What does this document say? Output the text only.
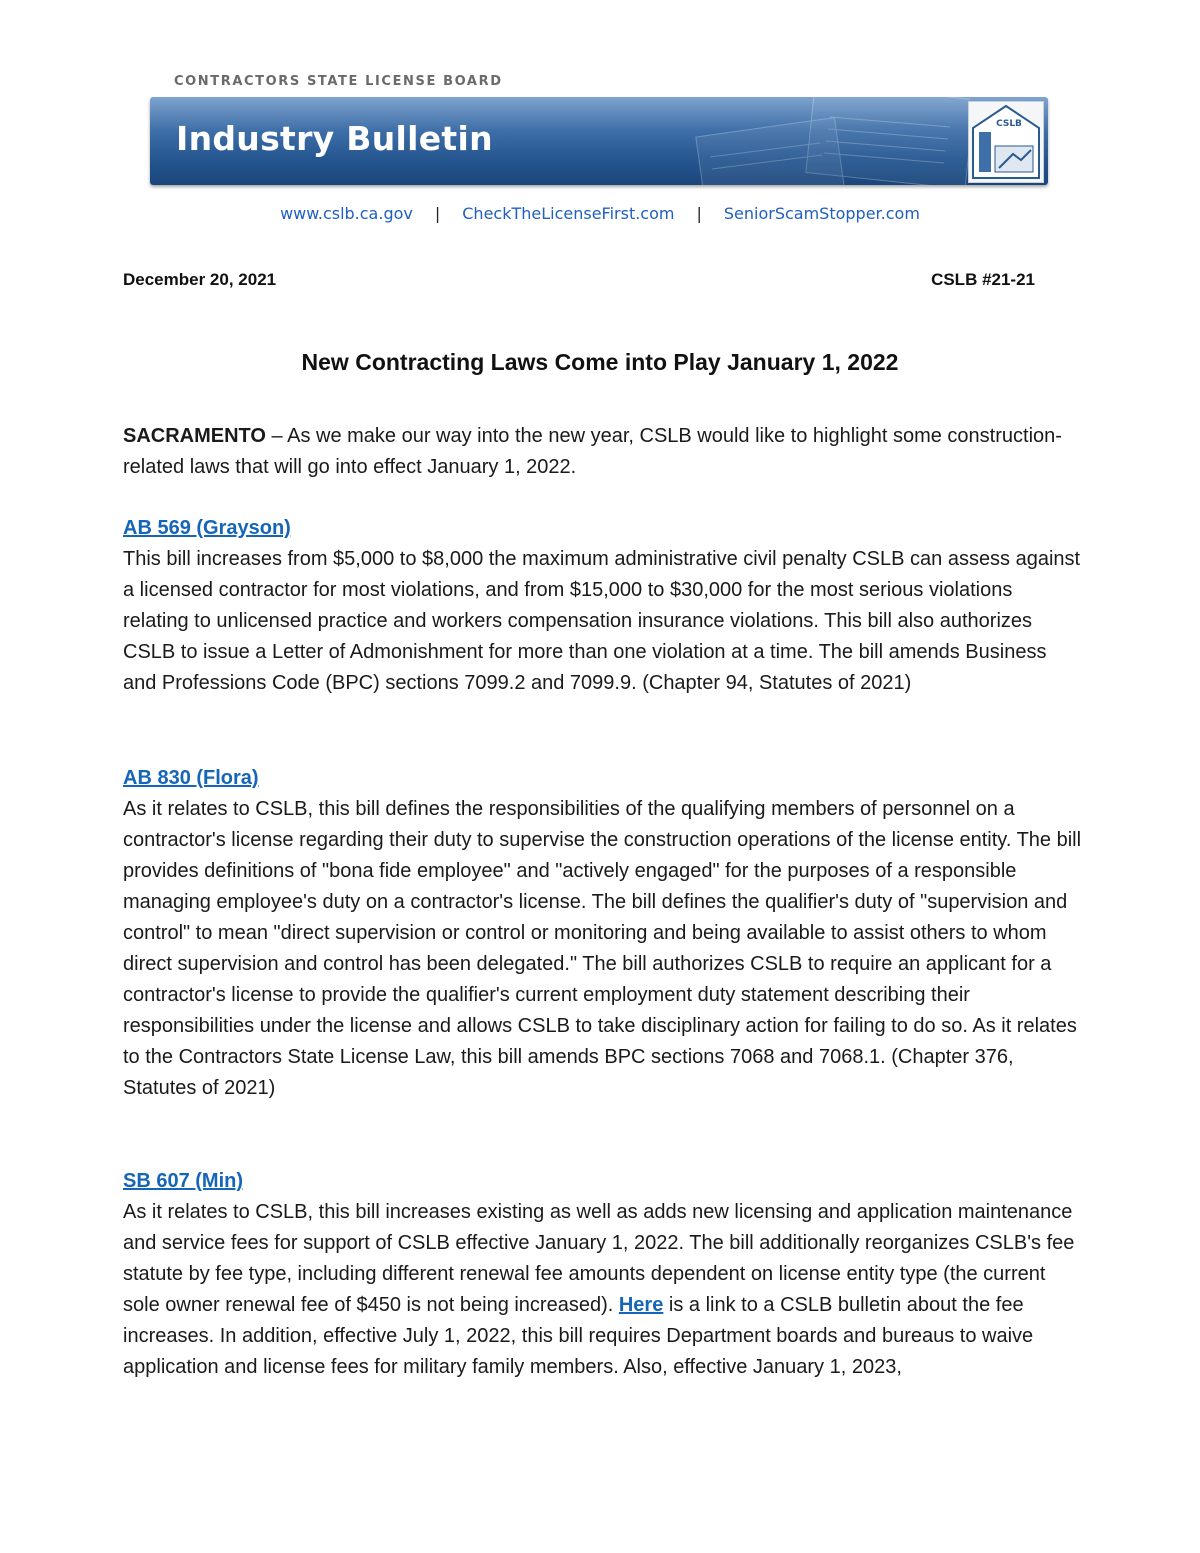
CONTRACTORS STATE LICENSE BOARD
Industry Bulletin	CSLB
www.cslb.ca.gov | CheckTheLicenseFirst.com | SeniorScamStopper.com
December 20, 2021	CSLB #21-21
New Contracting Laws Come into Play January 1, 2022
SACRAMENTO – As we make our way into the new year, CSLB would like to highlight some construction-related laws that will go into effect January 1, 2022.
AB 569 (Grayson)
This bill increases from $5,000 to $8,000 the maximum administrative civil penalty CSLB can assess against a licensed contractor for most violations, and from $15,000 to $30,000 for the most serious violations relating to unlicensed practice and workers compensation insurance violations. This bill also authorizes CSLB to issue a Letter of Admonishment for more than one violation at a time. The bill amends Business and Professions Code (BPC) sections 7099.2 and 7099.9. (Chapter 94, Statutes of 2021)
AB 830 (Flora)
As it relates to CSLB, this bill defines the responsibilities of the qualifying members of personnel on a contractor's license regarding their duty to supervise the construction operations of the license entity. The bill provides definitions of "bona fide employee" and "actively engaged" for the purposes of a responsible managing employee's duty on a contractor's license. The bill defines the qualifier's duty of "supervision and control" to mean "direct supervision or control or monitoring and being available to assist others to whom direct supervision and control has been delegated." The bill authorizes CSLB to require an applicant for a contractor's license to provide the qualifier's current employment duty statement describing their responsibilities under the license and allows CSLB to take disciplinary action for failing to do so. As it relates to the Contractors State License Law, this bill amends BPC sections 7068 and 7068.1. (Chapter 376, Statutes of 2021)
SB 607 (Min)
As it relates to CSLB, this bill increases existing as well as adds new licensing and application maintenance and service fees for support of CSLB effective January 1, 2022. The bill additionally reorganizes CSLB's fee statute by fee type, including different renewal fee amounts dependent on license entity type (the current sole owner renewal fee of $450 is not being increased). Here is a link to a CSLB bulletin about the fee increases. In addition, effective July 1, 2022, this bill requires Department boards and bureaus to waive application and license fees for military family members. Also, effective January 1, 2023,
